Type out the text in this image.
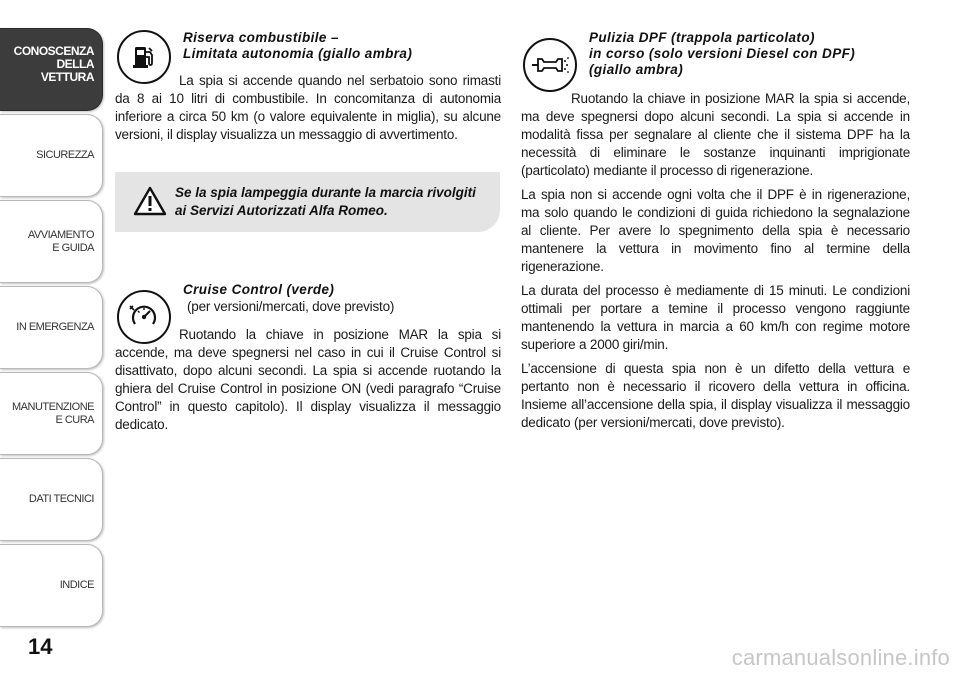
CONOSCENZA
DELLA
VETTURA
SICUREZZA
AVVIAMENTO
E GUIDA
IN EMERGENZA
MANUTENZIONE
E CURA
DATI TECNICI
INDICE
14
Riserva combustibile –
Limitata autonomia (giallo ambra)

La spia si accende quando nel serbatoio sono rimasti da 8 ai 10 litri di combustibile. In concomitanza di autonomia inferiore a circa 50 km (o valore equivalente in miglia), su alcune versioni, il display visualizza un messaggio di avvertimento.

Cruise Control (verde)
(per versioni/mercati, dove previsto)

Ruotando la chiave in posizione MAR la spia si accende, ma deve spegnersi nel caso in cui il Cruise Control si disattivato, dopo alcuni secondi. La spia si accende ruotando la ghiera del Cruise Control in posizione ON (vedi paragrafo “Cruise Control” in questo capitolo). Il display visualizza il messaggio dedicato.

Se la spia lampeggia durante la marcia rivolgiti ai Servizi Autorizzati Alfa Romeo.
Pulizia DPF (trappola particolato)
in corso (solo versioni Diesel con DPF)
(giallo ambra)

Ruotando la chiave in posizione MAR la spia si accende, ma deve spegnersi dopo alcuni secondi. La spia si accende in modalità fissa per segnalare al cliente che il sistema DPF ha la necessità di eliminare le sostanze inquinanti imprigionate (particolato) mediante il processo di rigenerazione.

La spia non si accende ogni volta che il DPF è in rigenerazione, ma solo quando le condizioni di guida richiedono la segnalazione al cliente. Per avere lo spegnimento della spia è necessario mantenere la vettura in movimento fino al termine della rigenerazione.

La durata del processo è mediamente di 15 minuti. Le condizioni ottimali per portare a temine il processo vengono raggiunte mantenendo la vettura in marcia a 60 km/h con regime motore superiore a 2000 giri/min.

L’accensione di questa spia non è un difetto della vettura e pertanto non è necessario il ricovero della vettura in officina. Insieme all’accensione della spia, il display visualizza il messaggio dedicato (per versioni/mercati, dove previsto).

carmanualsonline.info
